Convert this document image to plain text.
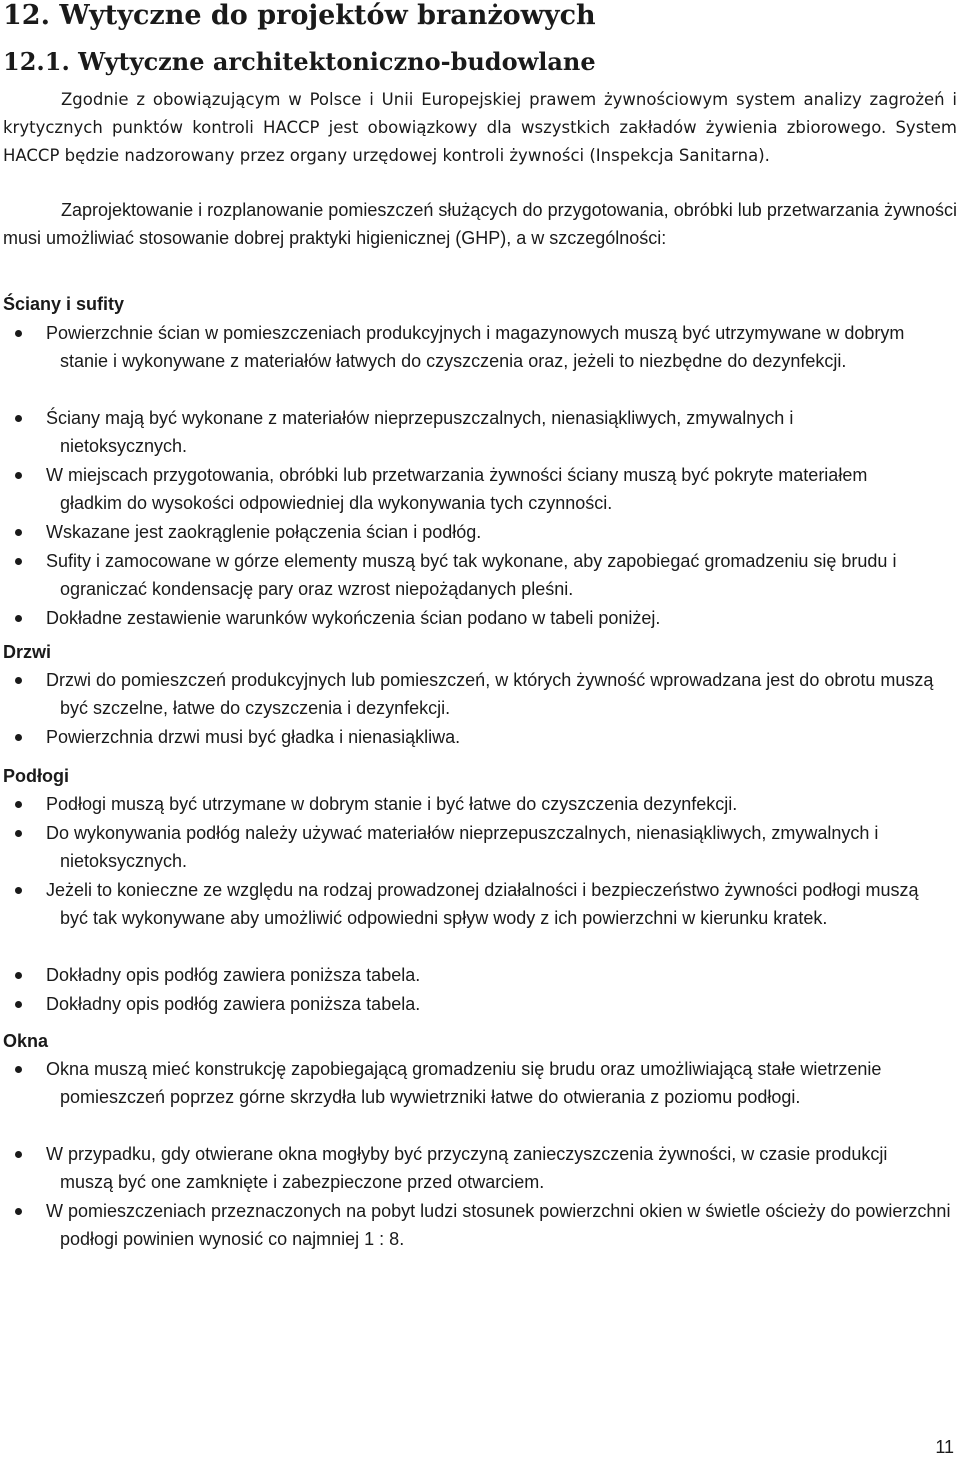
12. Wytyczne do projektów branżowych
12.1. Wytyczne architektoniczno-budowlane

Zgodnie z obowiązującym w Polsce i Unii Europejskiej prawem żywnościowym system analizy zagrożeń i krytycznych punktów kontroli HACCP jest obowiązkowy dla wszystkich zakładów żywienia zbiorowego. System HACCP będzie nadzorowany przez organy urzędowej kontroli żywności (Inspekcja Sanitarna).

Zaprojektowanie i rozplanowanie pomieszczeń służących do przygotowania, obróbki lub przetwarzania żywności musi umożliwiać stosowanie dobrej praktyki higienicznej (GHP), a w szczególności:

Ściany i sufity
Powierzchnie ścian w pomieszczeniach produkcyjnych i magazynowych muszą być utrzymywane w dobrym stanie i wykonywane z materiałów łatwych do czyszczenia oraz, jeżeli to niezbędne do dezynfekcji.
Ściany mają być wykonane z materiałów nieprzepuszczalnych, nienasiąkliwych, zmywalnych i nietoksycznych.
W miejscach przygotowania, obróbki lub przetwarzania żywności ściany muszą być pokryte materiałem gładkim do wysokości odpowiedniej dla wykonywania tych czynności.
Wskazane jest zaokrąglenie połączenia ścian i podłóg.
Sufity i zamocowane w górze elementy muszą być tak wykonane, aby zapobiegać gromadzeniu się brudu i ograniczać kondensację pary oraz wzrost niepożądanych pleśni.
Dokładne zestawienie warunków wykończenia ścian podano w tabeli poniżej.
Drzwi
Drzwi do pomieszczeń produkcyjnych lub pomieszczeń, w których żywność wprowadzana jest do obrotu muszą być szczelne, łatwe do czyszczenia i dezynfekcji.
Powierzchnia drzwi musi być gładka i nienasiąkliwa.
Podłogi
Podłogi muszą być utrzymane w dobrym stanie i być łatwe do czyszczenia dezynfekcji.
Do wykonywania podłóg należy używać materiałów nieprzepuszczalnych, nienasiąkliwych, zmywalnych i nietoksycznych.
Jeżeli to konieczne ze względu na rodzaj prowadzonej działalności i bezpieczeństwo żywności podłogi muszą być tak wykonywane aby umożliwić odpowiedni spływ wody z ich powierzchni w kierunku kratek.
Dokładny opis podłóg zawiera poniższa tabela.
Dokładny opis podłóg zawiera poniższa tabela.
Okna
Okna muszą mieć konstrukcję zapobiegającą gromadzeniu się brudu oraz umożliwiającą stałe wietrzenie pomieszczeń poprzez górne skrzydła lub wywietrzniki łatwe do otwierania z poziomu podłogi.
W przypadku, gdy otwierane okna mogłyby być przyczyną zanieczyszczenia żywności, w czasie produkcji muszą być one zamknięte i zabezpieczone przed otwarciem.
W pomieszczeniach przeznaczonych na pobyt ludzi stosunek powierzchni okien w świetle ościeży do powierzchni podłogi powinien wynosić co najmniej 1 : 8.
11
